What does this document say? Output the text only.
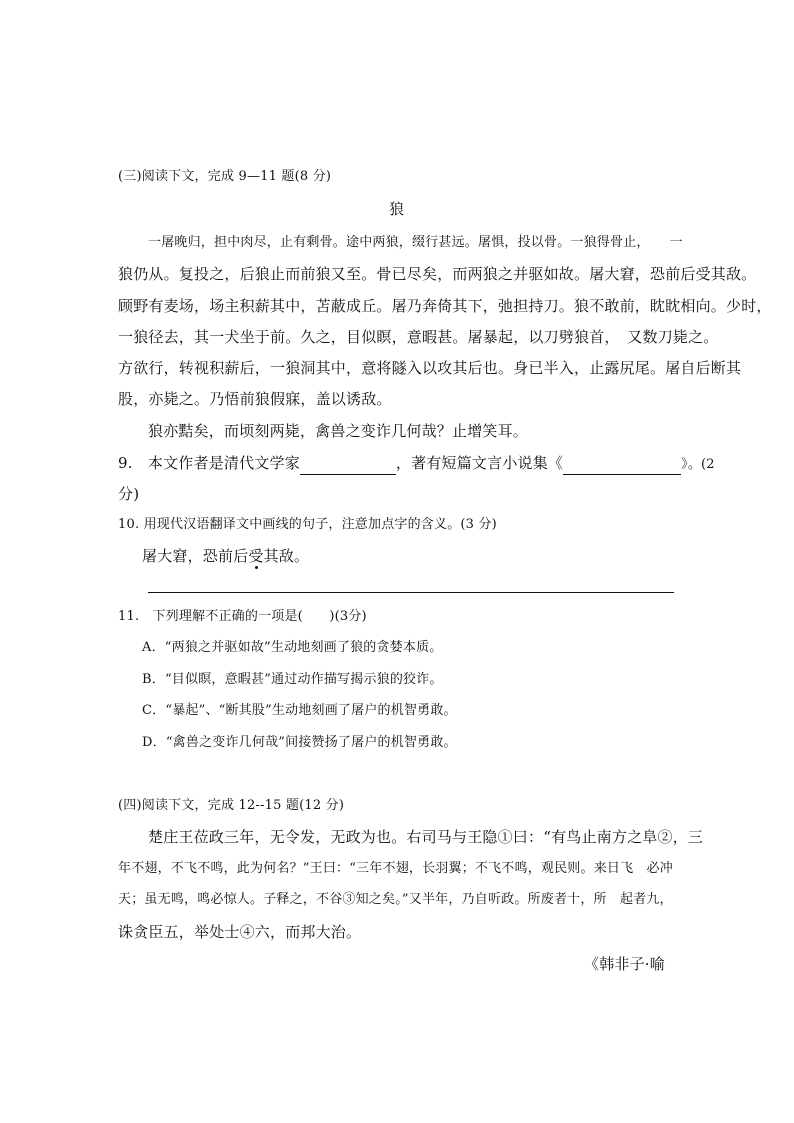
(三)阅读下文，完成 9—11 题(8 分)
狼
一屠晚归，担中肉尽，止有剩骨。途中两狼，缀行甚远。屠惧，投以骨。一狼得骨止，　　一
狼仍从。复投之，后狼止而前狼又至。骨已尽矣，而两狼之并驱如故。屠大窘，恐前后受其敌。
顾野有麦场，场主积薪其中，苫蔽成丘。屠乃奔倚其下，弛担持刀。狼不敢前，眈眈相向。少时，
一狼径去，其一犬坐于前。久之，目似瞑，意暇甚。屠暴起，以刀劈狼首，　又数刀毙之。
方欲行，转视积薪后，一狼洞其中，意将隧入以攻其后也。身已半入，止露尻尾。屠自后断其
股，亦毙之。乃悟前狼假寐，盖以诱敌。
狼亦黠矣，而顷刻两毙，禽兽之变诈几何哉？止增笑耳。
9.　本文作者是清代文学家	，著有短篇文言小说集《	》。(2
分)
10. 用现代汉语翻译文中画线的句子，注意加点字的含义。(3 分)
屠大窘，恐前后受其敌。
11.　下列理解不正确的一项是(　　)(3分)
A．“两狼之并驱如故”生动地刻画了狼的贪婪本质。
B．“目似瞑，意暇甚”通过动作描写揭示狼的狡诈。
C．“暴起”、“断其股”生动地刻画了屠户的机智勇敢。
D．“禽兽之变诈几何哉”间接赞扬了屠户的机智勇敢。
(四)阅读下文，完成 12--15 题(12 分)
楚庄王莅政三年，无令发，无政为也。右司马与王隐①曰：“有鸟止南方之阜②，三
年不翅，不飞不鸣，此为何名？”王曰：“三年不翅，长羽翼；不飞不鸣，观民则。来日飞　必冲
天；虽无鸣，鸣必惊人。子释之，不谷③知之矣。”又半年，乃自听政。所废者十，所　起者九，
诛贪臣五，举处士④六，而邦大治。
《韩非子·喻
